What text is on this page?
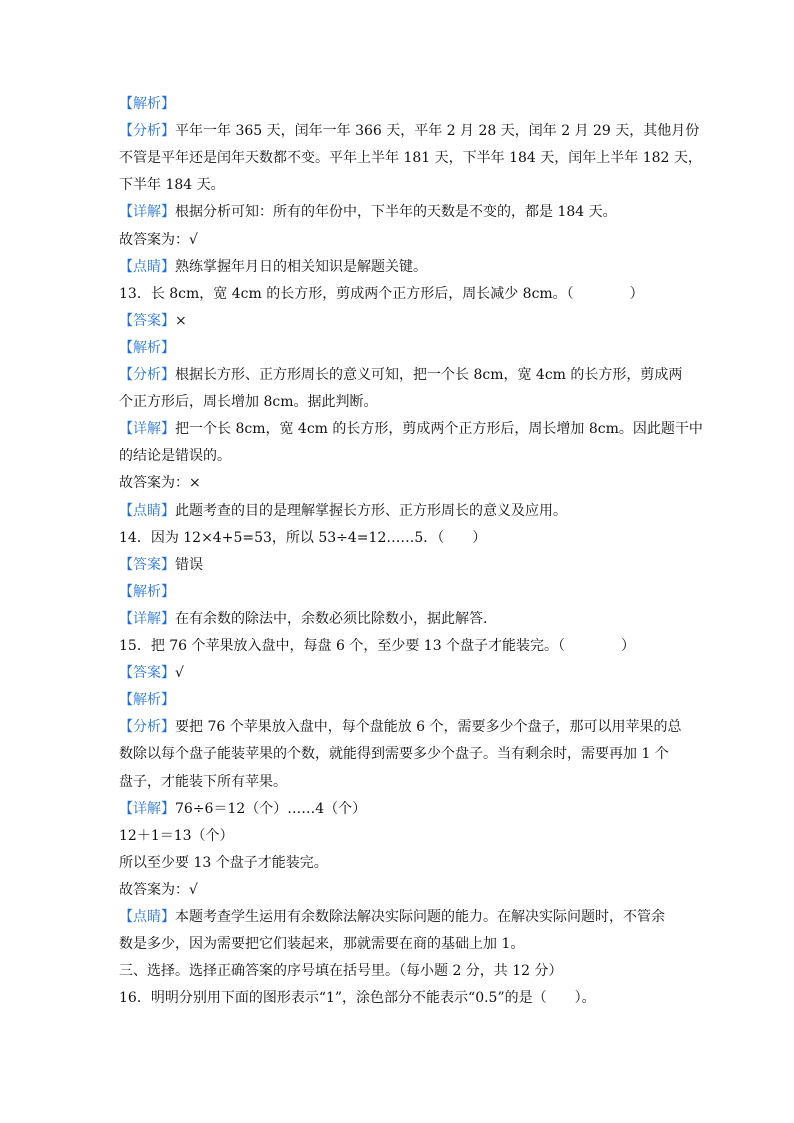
【解析】
【分析】平年一年 365 天，闰年一年 366 天，平年 2 月 28 天，闰年 2 月 29 天，其他月份
不管是平年还是闰年天数都不变。平年上半年 181 天，下半年 184 天，闰年上半年 182 天，
下半年 184 天。
【详解】根据分析可知：所有的年份中，下半年的天数是不变的，都是 184 天。
故答案为：√
【点睛】熟练掌握年月日的相关知识是解题关键。
13．长 8cm，宽 4cm 的长方形，剪成两个正方形后，周长减少 8cm。（　　　　）
【答案】×
【解析】
【分析】根据长方形、正方形周长的意义可知，把一个长 8cm，宽 4cm 的长方形，剪成两
个正方形后，周长增加 8cm。据此判断。
【详解】把一个长 8cm，宽 4cm 的长方形，剪成两个正方形后，周长增加 8cm。因此题干中
的结论是错误的。
故答案为：×
【点睛】此题考查的目的是理解掌握长方形、正方形周长的意义及应用。
14．因为 12×4+5=53，所以 53÷4=12……5．（　　）
【答案】错误
【解析】
【详解】在有余数的除法中，余数必须比除数小，据此解答.
15．把 76 个苹果放入盘中，每盘 6 个，至少要 13 个盘子才能装完。（　　　　）
【答案】√
【解析】
【分析】要把 76 个苹果放入盘中，每个盘能放 6 个，需要多少个盘子，那可以用苹果的总
数除以每个盘子能装苹果的个数，就能得到需要多少个盘子。当有剩余时，需要再加 1 个
盘子，才能装下所有苹果。
【详解】76÷6＝12（个）……4（个）
12＋1＝13（个）
所以至少要 13 个盘子才能装完。
故答案为：√
【点睛】本题考查学生运用有余数除法解决实际问题的能力。在解决实际问题时，不管余
数是多少，因为需要把它们装起来，那就需要在商的基础上加 1。
三、选择。选择正确答案的序号填在括号里。（每小题 2 分，共 12 分）
16．明明分别用下面的图形表示“1”，涂色部分不能表示“0.5”的是（　　）。
